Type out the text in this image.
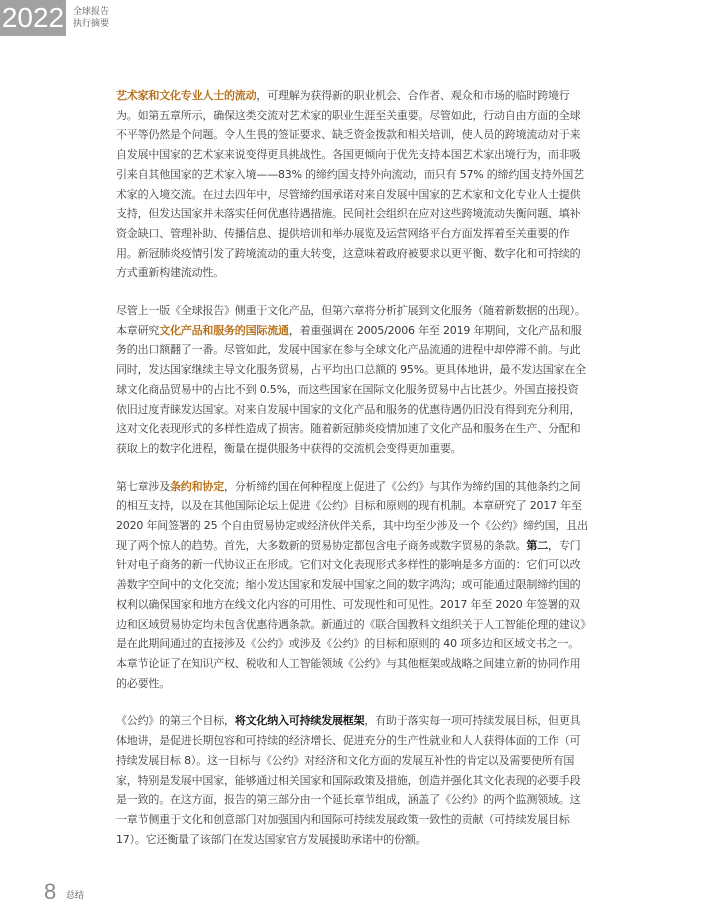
2022 全球报告
执行摘要

艺术家和文化专业人士的流动，可理解为获得新的职业机会、合作者、观众和市场的临时跨境行为。如第五章所示，确保这类交流对艺术家的职业生涯至关重要。尽管如此，行动自由方面的全球不平等仍然是个问题。令人生畏的签证要求、缺乏资金拨款和相关培训，使人员的跨境流动对于来自发展中国家的艺术家来说变得更具挑战性。各国更倾向于优先支持本国艺术家出境行为，而非吸引来自其他国家的艺术家入境——83% 的缔约国支持外向流动，而只有 57% 的缔约国支持外国艺术家的入境交流。在过去四年中，尽管缔约国承诺对来自发展中国家的艺术家和文化专业人士提供支持，但发达国家并未落实任何优惠待遇措施。民间社会组织在应对这些跨境流动失衡问题、填补资金缺口、管理补助、传播信息、提供培训和举办展览及运营网络平台方面发挥着至关重要的作用。新冠肺炎疫情引发了跨境流动的重大转变，这意味着政府被要求以更平衡、数字化和可持续的方式重新构建流动性。

尽管上一版《全球报告》侧重于文化产品，但第六章将分析扩展到文化服务（随着新数据的出现）。本章研究文化产品和服务的国际流通，着重强调在 2005/2006 年至 2019 年期间，文化产品和服务的出口额翻了一番。尽管如此，发展中国家在参与全球文化产品流通的进程中却停滞不前。与此同时，发达国家继续主导文化服务贸易，占平均出口总额的 95%。更具体地讲，最不发达国家在全球文化商品贸易中的占比不到 0.5%，而这些国家在国际文化服务贸易中占比甚少。外国直接投资依旧过度青睐发达国家。对来自发展中国家的文化产品和服务的优惠待遇仍旧没有得到充分利用，这对文化表现形式的多样性造成了损害。随着新冠肺炎疫情加速了文化产品和服务在生产、分配和获取上的数字化进程，衡量在提供服务中获得的交流机会变得更加重要。

第七章涉及条约和协定，分析缔约国在何种程度上促进了《公约》与其作为缔约国的其他条约之间的相互支持，以及在其他国际论坛上促进《公约》目标和原则的现有机制。本章研究了 2017 年至 2020 年间签署的 25 个自由贸易协定或经济伙伴关系，其中均至少涉及一个《公约》缔约国，且出现了两个惊人的趋势。首先，大多数新的贸易协定都包含电子商务或数字贸易的条款。第二，专门针对电子商务的新一代协议正在形成。它们对文化表现形式多样性的影响是多方面的：它们可以改善数字空间中的文化交流；缩小发达国家和发展中国家之间的数字鸿沟；或可能通过限制缔约国的权利以确保国家和地方在线文化内容的可用性、可发现性和可见性。2017 年至 2020 年签署的双边和区域贸易协定均未包含优惠待遇条款。新通过的《联合国教科文组织关于人工智能伦理的建议》是在此期间通过的直接涉及《公约》或涉及《公约》的目标和原则的 40 项多边和区域文书之一。本章节论证了在知识产权、税收和人工智能领域《公约》与其他框架或战略之间建立新的协同作用的必要性。

《公约》的第三个目标，将文化纳入可持续发展框架，有助于落实每一项可持续发展目标，但更具体地讲，是促进长期包容和可持续的经济增长、促进充分的生产性就业和人人获得体面的工作（可持续发展目标 8）。这一目标与《公约》对经济和文化方面的发展互补性的肯定以及需要使所有国家，特别是发展中国家，能够通过相关国家和国际政策及措施，创造并强化其文化表现的必要手段是一致的。在这方面，报告的第三部分由一个延长章节组成，涵盖了《公约》的两个监测领域。这一章节侧重于文化和创意部门对加强国内和国际可持续发展政策一致性的贡献（可持续发展目标 17）。它还衡量了该部门在发达国家官方发展援助承诺中的份额。

8 总结
